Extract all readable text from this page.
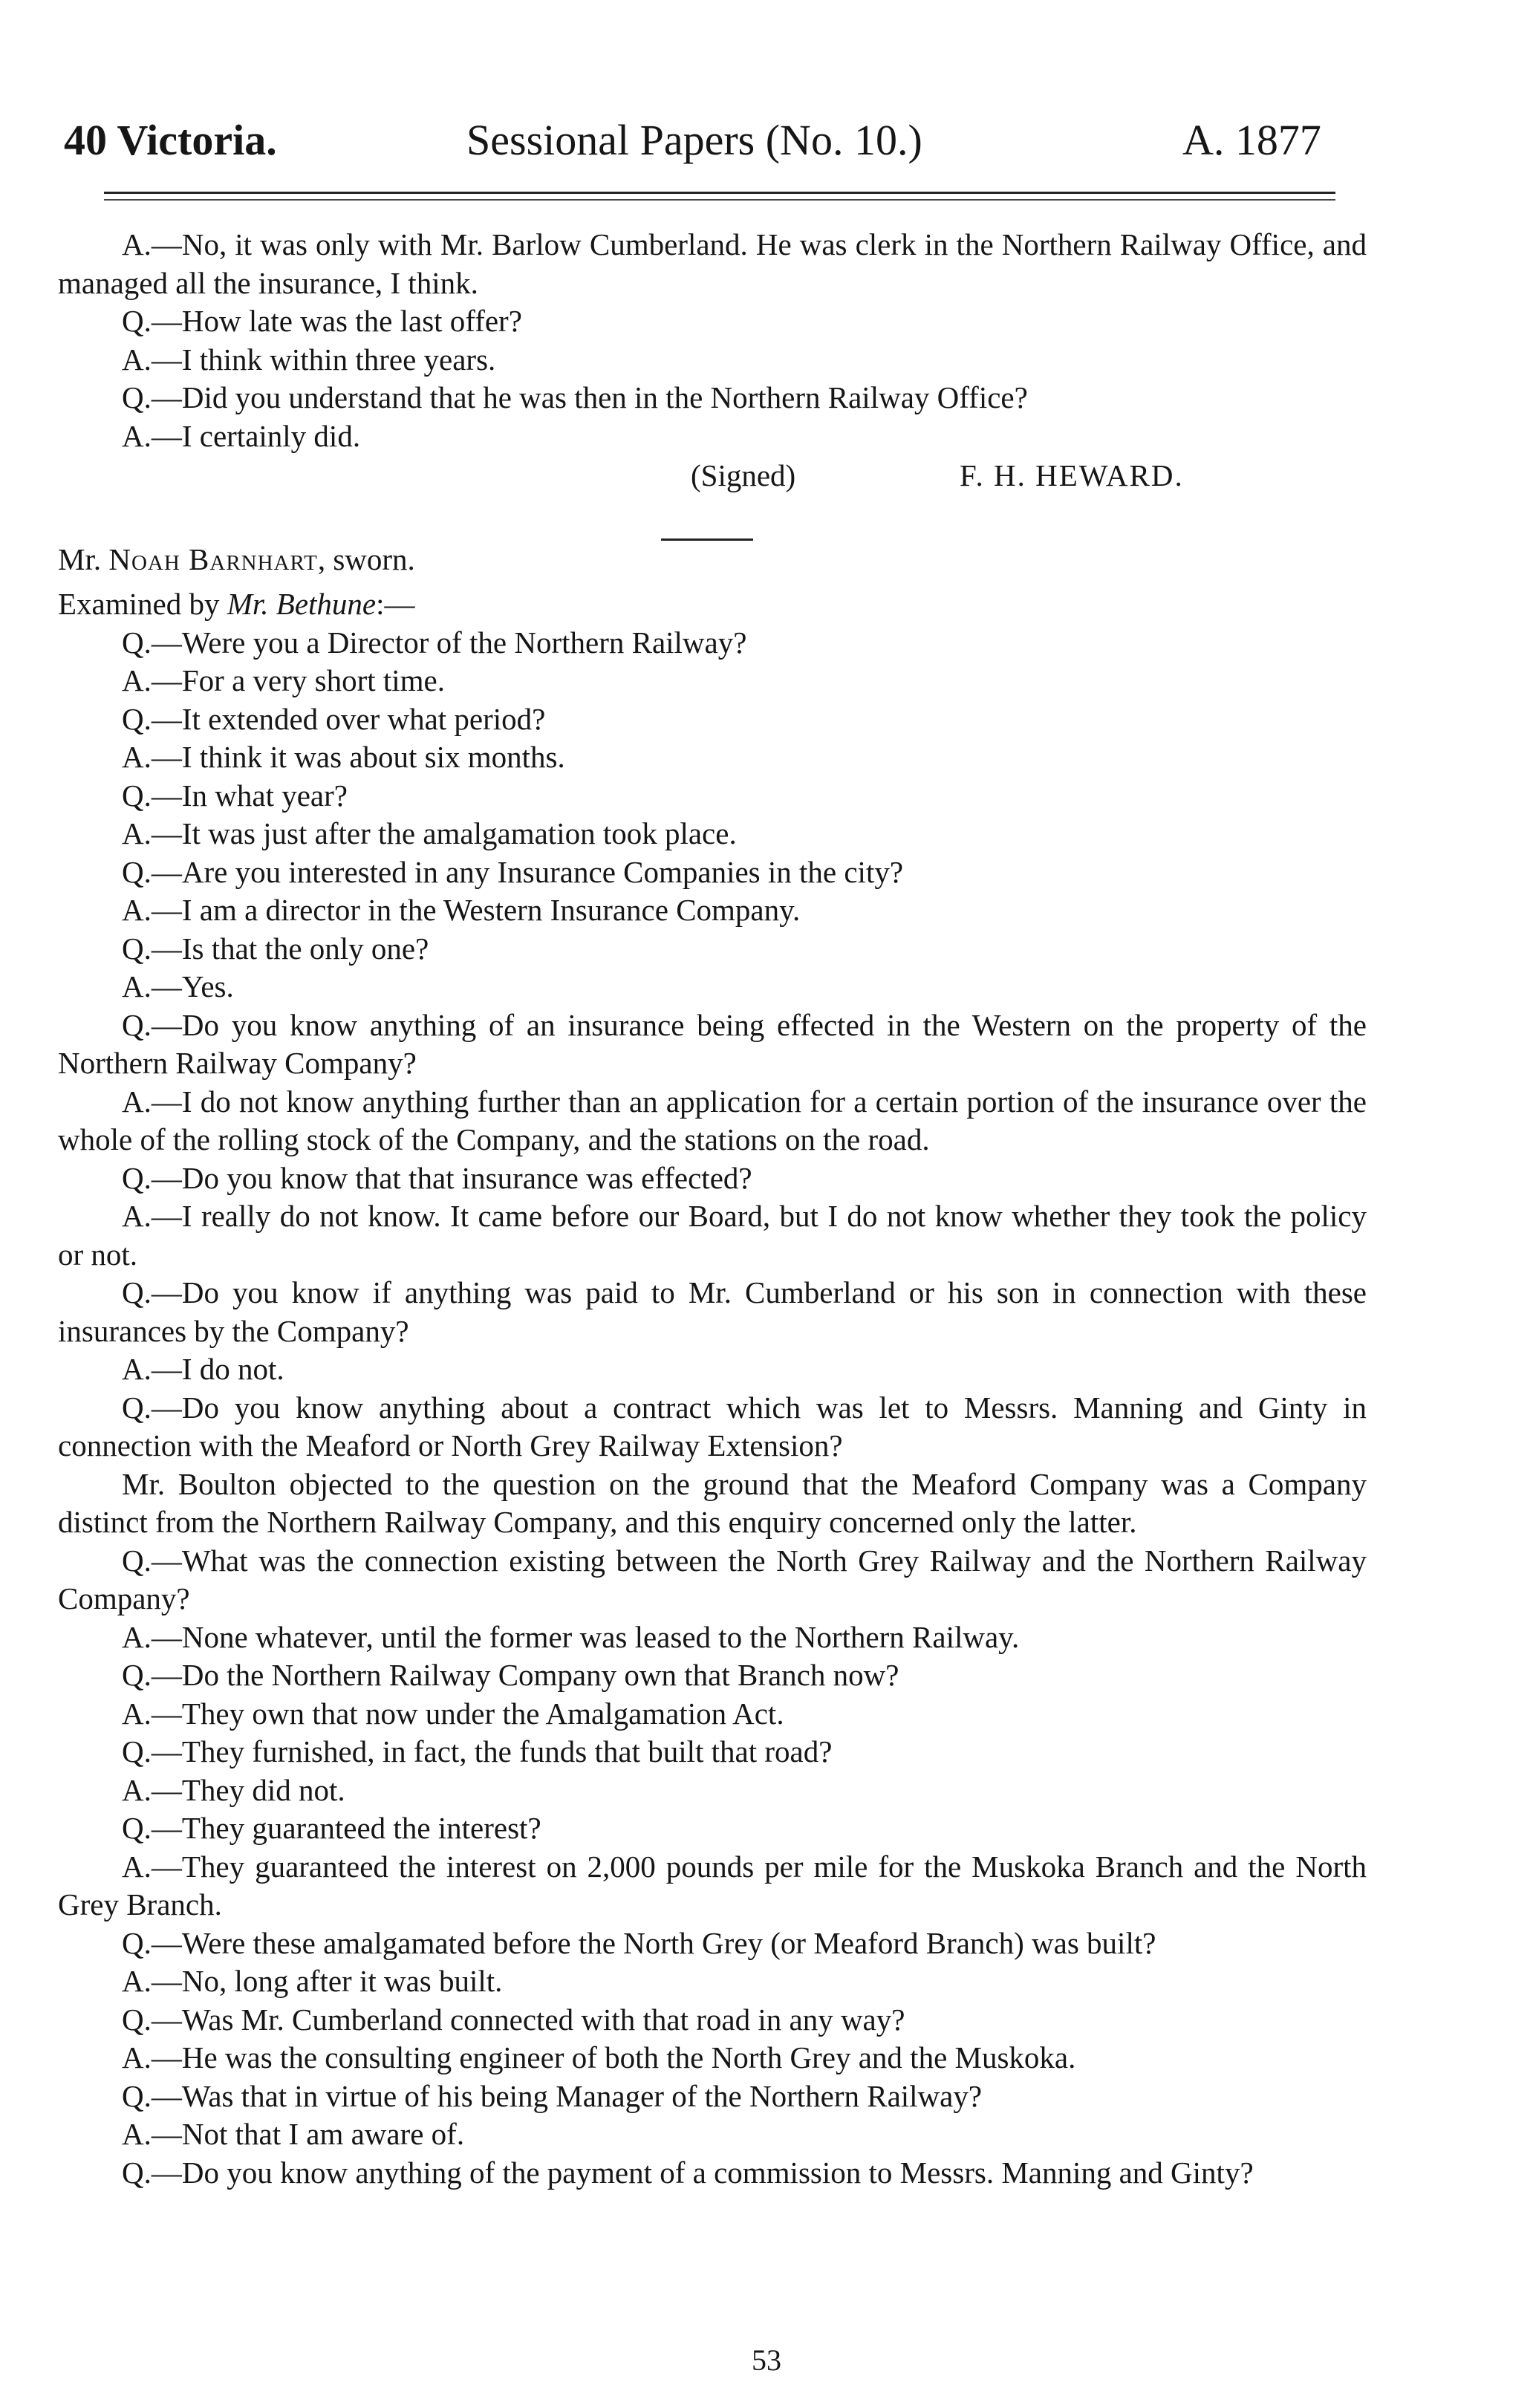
40 Victoria.	Sessional Papers (No. 10.)	A. 1877

A.—No, it was only with Mr. Barlow Cumberland. He was clerk in the Northern Railway Office, and managed all the insurance, I think.

Q.—How late was the last offer?

A.—I think within three years.

Q.—Did you understand that he was then in the Northern Railway Office?

A.—I certainly did.

(Signed)	F. H. HEWARD.

Mr. Noah Barnhart, sworn.

Examined by Mr. Bethune:—

Q.—Were you a Director of the Northern Railway?

A.—For a very short time.

Q.—It extended over what period?

A.—I think it was about six months.

Q.—In what year?

A.—It was just after the amalgamation took place.

Q.—Are you interested in any Insurance Companies in the city?

A.—I am a director in the Western Insurance Company.

Q.—Is that the only one?

A.—Yes.

Q.—Do you know anything of an insurance being effected in the Western on the property of the Northern Railway Company?

A.—I do not know anything further than an application for a certain portion of the insurance over the whole of the rolling stock of the Company, and the stations on the road.

Q.—Do you know that that insurance was effected?

A.—I really do not know. It came before our Board, but I do not know whether they took the policy or not.

Q.—Do you know if anything was paid to Mr. Cumberland or his son in connection with these insurances by the Company?

A.—I do not.

Q.—Do you know anything about a contract which was let to Messrs. Manning and Ginty in connection with the Meaford or North Grey Railway Extension?

Mr. Boulton objected to the question on the ground that the Meaford Company was a Company distinct from the Northern Railway Company, and this enquiry concerned only the latter.

Q.—What was the connection existing between the North Grey Railway and the Northern Railway Company?

A.—None whatever, until the former was leased to the Northern Railway.

Q.—Do the Northern Railway Company own that Branch now?

A.—They own that now under the Amalgamation Act.

Q.—They furnished, in fact, the funds that built that road?

A.—They did not.

Q.—They guaranteed the interest?

A.—They guaranteed the interest on 2,000 pounds per mile for the Muskoka Branch and the North Grey Branch.

Q.—Were these amalgamated before the North Grey (or Meaford Branch) was built?

A.—No, long after it was built.

Q.—Was Mr. Cumberland connected with that road in any way?

A.—He was the consulting engineer of both the North Grey and the Muskoka.

Q.—Was that in virtue of his being Manager of the Northern Railway?

A.—Not that I am aware of.

Q.—Do you know anything of the payment of a commission to Messrs. Manning and Ginty?

53
